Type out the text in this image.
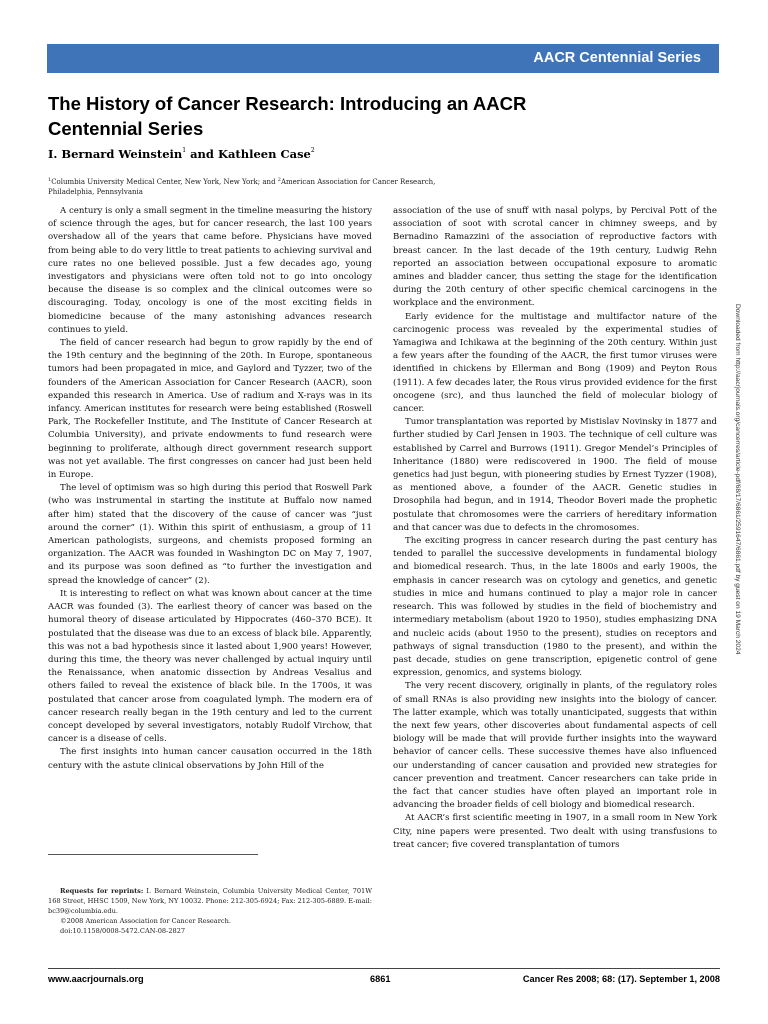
AACR Centennial Series
The History of Cancer Research: Introducing an AACR Centennial Series
I. Bernard Weinstein$^1$ and Kathleen Case$^2$
$^1$Columbia University Medical Center, New York, New York; and $^2$American Association for Cancer Research, Philadelphia, Pennsylvania

A century is only a small segment in the timeline measuring the history of science through the ages, but for cancer research, the last 100 years overshadow all of the years that came before. Physicians have moved from being able to do very little to treat patients to achieving survival and cure rates no one believed possible. Just a few decades ago, young investigators and physicians were often told not to go into oncology because the disease is so complex and the clinical outcomes were so discouraging. Today, oncology is one of the most exciting fields in biomedicine because of the many astonishing advances research continues to yield.

The field of cancer research had begun to grow rapidly by the end of the 19th century and the beginning of the 20th. In Europe, spontaneous tumors had been propagated in mice, and Gaylord and Tyzzer, two of the founders of the American Association for Cancer Research (AACR), soon expanded this research in America. Use of radium and X-rays was in its infancy. American institutes for research were being established (Roswell Park, The Rockefeller Institute, and The Institute of Cancer Research at Columbia University), and private endowments to fund research were beginning to proliferate, although direct government research support was not yet available. The first congresses on cancer had just been held in Europe.

The level of optimism was so high during this period that Roswell Park (who was instrumental in starting the institute at Buffalo now named after him) stated that the discovery of the cause of cancer was “just around the corner” (1). Within this spirit of enthusiasm, a group of 11 American pathologists, surgeons, and chemists proposed forming an organization. The AACR was founded in Washington DC on May 7, 1907, and its purpose was soon defined as “to further the investigation and spread the knowledge of cancer” (2).

It is interesting to reflect on what was known about cancer at the time AACR was founded (3). The earliest theory of cancer was based on the humoral theory of disease articulated by Hippocrates (460–370 BCE). It postulated that the disease was due to an excess of black bile. Apparently, this was not a bad hypothesis since it lasted about 1,900 years! However, during this time, the theory was never challenged by actual inquiry until the Renaissance, when anatomic dissection by Andreas Vesalius and others failed to reveal the existence of black bile. In the 1700s, it was postulated that cancer arose from coagulated lymph. The modern era of cancer research really began in the 19th century and led to the current concept developed by several investigators, notably Rudolf Virchow, that cancer is a disease of cells.

The first insights into human cancer causation occurred in the 18th century with the astute clinical observations by John Hill of the

Requests for reprints: I. Bernard Weinstein, Columbia University Medical Center, 701W 168 Street, HHSC 1509, New York, NY 10032. Phone: 212-305-6924; Fax: 212-305-6889. E-mail: bc39@columbia.edu.

©2008 American Association for Cancer Research.

doi:10.1158/0008-5472.CAN-08-2827

association of the use of snuff with nasal polyps, by Percival Pott of the association of soot with scrotal cancer in chimney sweeps, and by Bernadino Ramazzini of the association of reproductive factors with breast cancer. In the last decade of the 19th century, Ludwig Rehn reported an association between occupational exposure to aromatic amines and bladder cancer, thus setting the stage for the identification during the 20th century of other specific chemical carcinogens in the workplace and the environment.

Early evidence for the multistage and multifactor nature of the carcinogenic process was revealed by the experimental studies of Yamagiwa and Ichikawa at the beginning of the 20th century. Within just a few years after the founding of the AACR, the first tumor viruses were identified in chickens by Ellerman and Bong (1909) and Peyton Rous (1911). A few decades later, the Rous virus provided evidence for the first oncogene (src), and thus launched the field of molecular biology of cancer.

Tumor transplantation was reported by Mistislav Novinsky in 1877 and further studied by Carl Jensen in 1903. The technique of cell culture was established by Carrel and Burrows (1911). Gregor Mendel’s Principles of Inheritance (1880) were rediscovered in 1900. The field of mouse genetics had just begun, with pioneering studies by Ernest Tyzzer (1908), as mentioned above, a founder of the AACR. Genetic studies in Drosophila had begun, and in 1914, Theodor Boveri made the prophetic postulate that chromosomes were the carriers of hereditary information and that cancer was due to defects in the chromosomes.

The exciting progress in cancer research during the past century has tended to parallel the successive developments in fundamental biology and biomedical research. Thus, in the late 1800s and early 1900s, the emphasis in cancer research was on cytology and genetics, and genetic studies in mice and humans continued to play a major role in cancer research. This was followed by studies in the field of biochemistry and intermediary metabolism (about 1920 to 1950), studies emphasizing DNA and nucleic acids (about 1950 to the present), studies on receptors and pathways of signal transduction (1980 to the present), and within the past decade, studies on gene transcription, epigenetic control of gene expression, genomics, and systems biology.

The very recent discovery, originally in plants, of the regulatory roles of small RNAs is also providing new insights into the biology of cancer. The latter example, which was totally unanticipated, suggests that within the next few years, other discoveries about fundamental aspects of cell biology will be made that will provide further insights into the wayward behavior of cancer cells. These successive themes have also influenced our understanding of cancer causation and provided new strategies for cancer prevention and treatment. Cancer researchers can take pride in the fact that cancer studies have often played an important role in advancing the broader fields of cell biology and biomedical research.

At AACR’s first scientific meeting in 1907, in a small room in New York City, nine papers were presented. Two dealt with using transfusions to treat cancer; five covered transplantation of tumors

Downloaded from http://aacrjournals.org/cancerres/article-pdf/68/17/6861/2591647/6861.pdf by guest on 19 March 2024
www.aacrjournals.org	6861	Cancer Res 2008; 68: (17). September 1, 2008
